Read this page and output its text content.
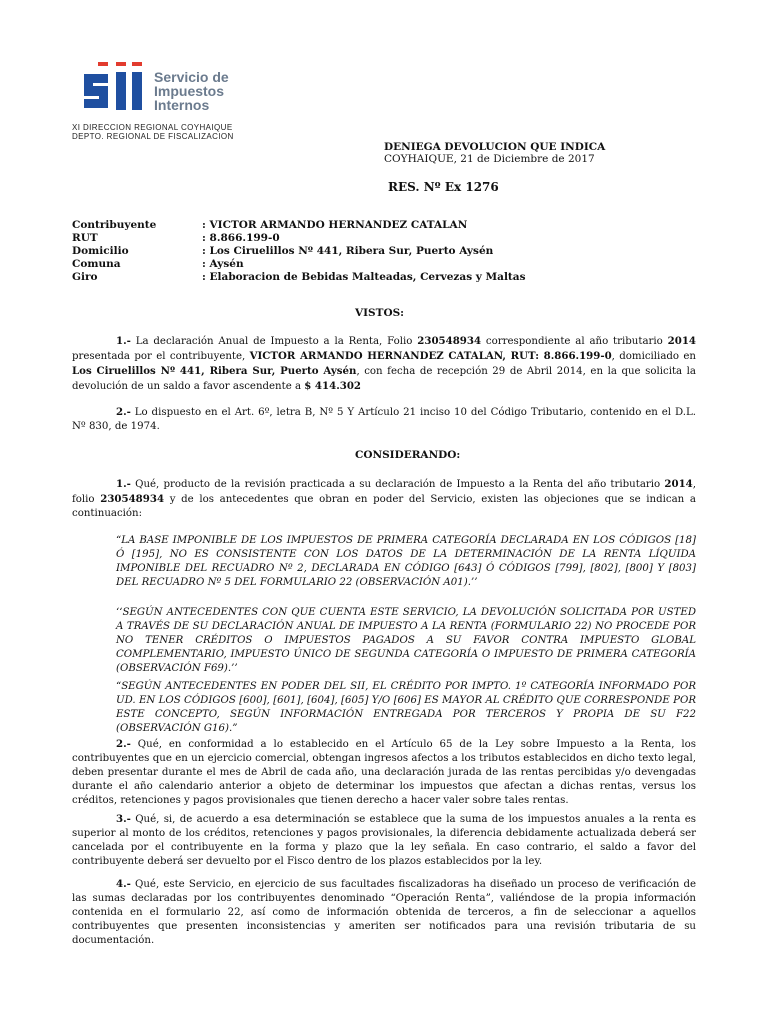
Servicio de
Impuestos
Internos
XI DIRECCION REGIONAL COYHAIQUE
DEPTO. REGIONAL DE FISCALIZACION
DENIEGA DEVOLUCION QUE INDICA
COYHAIQUE, 21 de Diciembre de 2017
RES. Nº Ex 1276
Contribuyente	: VICTOR ARMANDO HERNANDEZ CATALAN
RUT	: 8.866.199-0
Domicilio	: Los Ciruelillos Nº 441, Ribera Sur, Puerto Aysén
Comuna	: Aysén
Giro	: Elaboracion de Bebidas Malteadas, Cervezas y Maltas
VISTOS:
1.- La declaración Anual de Impuesto a la Renta, Folio 230548934 correspondiente al año tributario 2014 presentada por el contribuyente, VICTOR ARMANDO HERNANDEZ CATALAN, RUT: 8.866.199-0, domiciliado en Los Ciruelillos Nº 441, Ribera Sur, Puerto Aysén, con fecha de recepción 29 de Abril 2014, en la que solicita la devolución de un saldo a favor ascendente a $ 414.302
2.- Lo dispuesto en el Art. 6º, letra B, Nº 5 Y Artículo 21 inciso 10 del Código Tributario, contenido en el D.L. Nº 830, de 1974.
CONSIDERANDO:
1.- Qué, producto de la revisión practicada a su declaración de Impuesto a la Renta del año tributario 2014, folio 230548934 y de los antecedentes que obran en poder del Servicio, existen las objeciones que se indican a continuación:
“LA BASE IMPONIBLE DE LOS IMPUESTOS DE PRIMERA CATEGORÍA DECLARADA EN LOS CÓDIGOS [18] Ó [195], NO ES CONSISTENTE CON LOS DATOS DE LA DETERMINACIÓN DE LA RENTA LÍQUIDA IMPONIBLE DEL RECUADRO Nº 2, DECLARADA EN CÓDIGO [643] Ó CÓDIGOS [799], [802], [800] Y [803] DEL RECUADRO Nº 5 DEL FORMULARIO 22 (OBSERVACIÓN A01).’’
‘‘SEGÚN ANTECEDENTES CON QUE CUENTA ESTE SERVICIO, LA DEVOLUCIÓN SOLICITADA POR USTED A TRAVÉS DE SU DECLARACIÓN ANUAL DE IMPUESTO A LA RENTA (FORMULARIO 22) NO PROCEDE POR NO TENER CRÉDITOS O IMPUESTOS PAGADOS A SU FAVOR CONTRA IMPUESTO GLOBAL COMPLEMENTARIO, IMPUESTO ÚNICO DE SEGUNDA CATEGORÍA O IMPUESTO DE PRIMERA CATEGORÍA (OBSERVACIÓN F69).’’
“SEGÚN ANTECEDENTES EN PODER DEL SII, EL CRÉDITO POR IMPTO. 1º CATEGORÍA INFORMADO POR UD. EN LOS CÓDIGOS [600], [601], [604], [605] Y/O [606] ES MAYOR AL CRÉDITO QUE CORRESPONDE POR ESTE CONCEPTO, SEGÚN INFORMACIÓN ENTREGADA POR TERCEROS Y PROPIA DE SU F22 (OBSERVACIÓN G16).”
2.- Qué, en conformidad a lo establecido en el Artículo 65 de la Ley sobre Impuesto a la Renta, los contribuyentes que en un ejercicio comercial, obtengan ingresos afectos a los tributos establecidos en dicho texto legal, deben presentar durante el mes de Abril de cada año, una declaración jurada de las rentas percibidas y/o devengadas durante el año calendario anterior a objeto de determinar los impuestos que afectan a dichas rentas, versus los créditos, retenciones y pagos provisionales que tienen derecho a hacer valer sobre tales rentas.
3.- Qué, si, de acuerdo a esa determinación se establece que la suma de los impuestos anuales a la renta es superior al monto de los créditos, retenciones y pagos provisionales, la diferencia debidamente actualizada deberá ser cancelada por el contribuyente en la forma y plazo que la ley señala. En caso contrario, el saldo a favor del contribuyente deberá ser devuelto por el Fisco dentro de los plazos establecidos por la ley.
4.- Qué, este Servicio, en ejercicio de sus facultades fiscalizadoras ha diseñado un proceso de verificación de las sumas declaradas por los contribuyentes denominado “Operación Renta”, valiéndose de la propia información contenida en el formulario 22, así como de información obtenida de terceros, a fin de seleccionar a aquellos contribuyentes que presenten inconsistencias y ameriten ser notificados para una revisión tributaria de su documentación.
